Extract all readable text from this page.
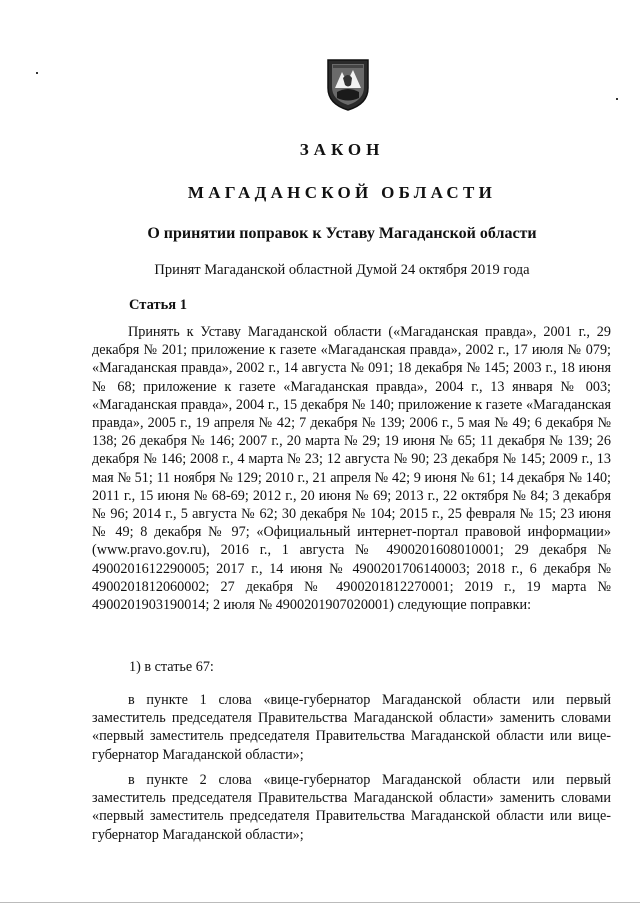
ЗАКОН
МАГАДАНСКОЙ ОБЛАСТИ
О принятии поправок к Уставу Магаданской области
Принят Магаданской областной Думой 24 октября 2019 года
Статья 1
Принять к Уставу Магаданской области («Магаданская правда», 2001 г., 29 декабря № 201; приложение к газете «Магаданская правда», 2002 г., 17 июля № 079; «Магаданская правда», 2002 г., 14 августа № 091; 18 декабря № 145; 2003 г., 18 июня № 68; приложение к газете «Магаданская правда», 2004 г., 13 января № 003; «Магаданская правда», 2004 г., 15 декабря № 140; приложение к газете «Магаданская правда», 2005 г., 19 апреля № 42; 7 декабря № 139; 2006 г., 5 мая № 49; 6 декабря № 138; 26 декабря № 146; 2007 г., 20 марта № 29; 19 июня № 65; 11 декабря № 139; 26 декабря № 146; 2008 г., 4 марта № 23; 12 августа № 90; 23 декабря № 145; 2009 г., 13 мая № 51; 11 ноября № 129; 2010 г., 21 апреля № 42; 9 июня № 61; 14 декабря № 140; 2011 г., 15 июня № 68-69; 2012 г., 20 июня № 69; 2013 г., 22 октября № 84; 3 декабря № 96; 2014 г., 5 августа № 62; 30 декабря № 104; 2015 г., 25 февраля № 15; 23 июня № 49; 8 декабря № 97; «Официальный интернет-портал правовой информации» (www.pravo.gov.ru), 2016 г., 1 августа № 4900201608010001; 29 декабря № 4900201612290005; 2017 г., 14 июня № 4900201706140003; 2018 г., 6 декабря № 4900201812060002; 27 декабря № 4900201812270001; 2019 г., 19 марта № 4900201903190014; 2 июля № 4900201907020001) следующие поправки:
1) в статье 67:
в пункте 1 слова «вице-губернатор Магаданской области или первый заместитель председателя Правительства Магаданской области» заменить словами «первый заместитель председателя Правительства Магаданской области или вице-губернатор Магаданской области»;
в пункте 2 слова «вице-губернатор Магаданской области или первый заместитель председателя Правительства Магаданской области» заменить словами «первый заместитель председателя Правительства Магаданской области или вице-губернатор Магаданской области»;
